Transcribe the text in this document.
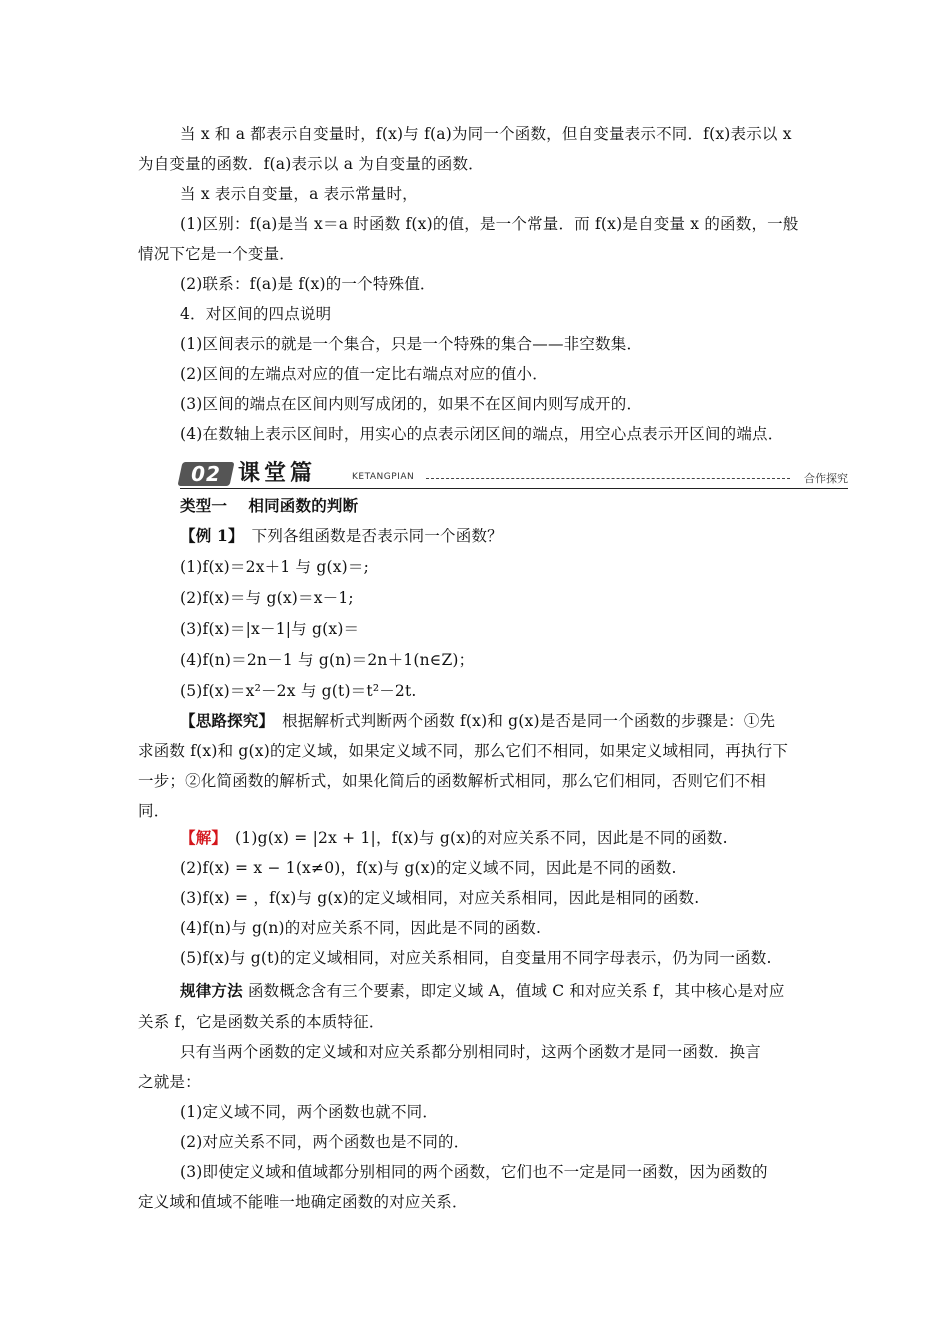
当 x 和 a 都表示自变量时，f(x)与 f(a)为同一个函数，但自变量表示不同．f(x)表示以 x
为自变量的函数．f(a)表示以 a 为自变量的函数．
当 x 表示自变量，a 表示常量时，
(1)区别：f(a)是当 x＝a 时函数 f(x)的值，是一个常量．而 f(x)是自变量 x 的函数，一般
情况下它是一个变量．
(2)联系：f(a)是 f(x)的一个特殊值．
4．对区间的四点说明
(1)区间表示的就是一个集合，只是一个特殊的集合——非空数集．
(2)区间的左端点对应的值一定比右端点对应的值小．
(3)区间的端点在区间内则写成闭的，如果不在区间内则写成开的．
(4)在数轴上表示区间时，用实心的点表示闭区间的端点，用空心点表示开区间的端点．
02 课堂篇	KETANGPIAN	合作探究
类型一　 相同函数的判断
【例 1】　下列各组函数是否表示同一个函数？
(1)f(x)＝2x＋1 与 g(x)＝;
(2)f(x)＝与 g(x)＝x－1;
(3)f(x)＝|x－1|与 g(x)＝
(4)f(n)＝2n－1 与 g(n)＝2n＋1(n∈Z)；
(5)f(x)＝x²－2x 与 g(t)＝t²－2t.
【思路探究】　根据解析式判断两个函数 f(x)和 g(x)是否是同一个函数的步骤是：①先
求函数 f(x)和 g(x)的定义域，如果定义域不同，那么它们不相同，如果定义域相同，再执行下
一步；②化简函数的解析式，如果化简后的函数解析式相同，那么它们相同，否则它们不相
同．
【解】　(1)g(x) = |2x + 1|，f(x)与 g(x)的对应关系不同，因此是不同的函数.
(2)f(x) = x − 1(x≠0)，f(x)与 g(x)的定义域不同，因此是不同的函数.
(3)f(x) = ，f(x)与 g(x)的定义域相同，对应关系相同，因此是相同的函数.
(4)f(n)与 g(n)的对应关系不同，因此是不同的函数.
(5)f(x)与 g(t)的定义域相同，对应关系相同，自变量用不同字母表示，仍为同一函数.
规律方法 函数概念含有三个要素，即定义域 A，值域 C 和对应关系 f，其中核心是对应
关系 f，它是函数关系的本质特征．
只有当两个函数的定义域和对应关系都分别相同时，这两个函数才是同一函数．换言
之就是：
(1)定义域不同，两个函数也就不同．
(2)对应关系不同，两个函数也是不同的．
(3)即使定义域和值域都分别相同的两个函数，它们也不一定是同一函数，因为函数的
定义域和值域不能唯一地确定函数的对应关系．
